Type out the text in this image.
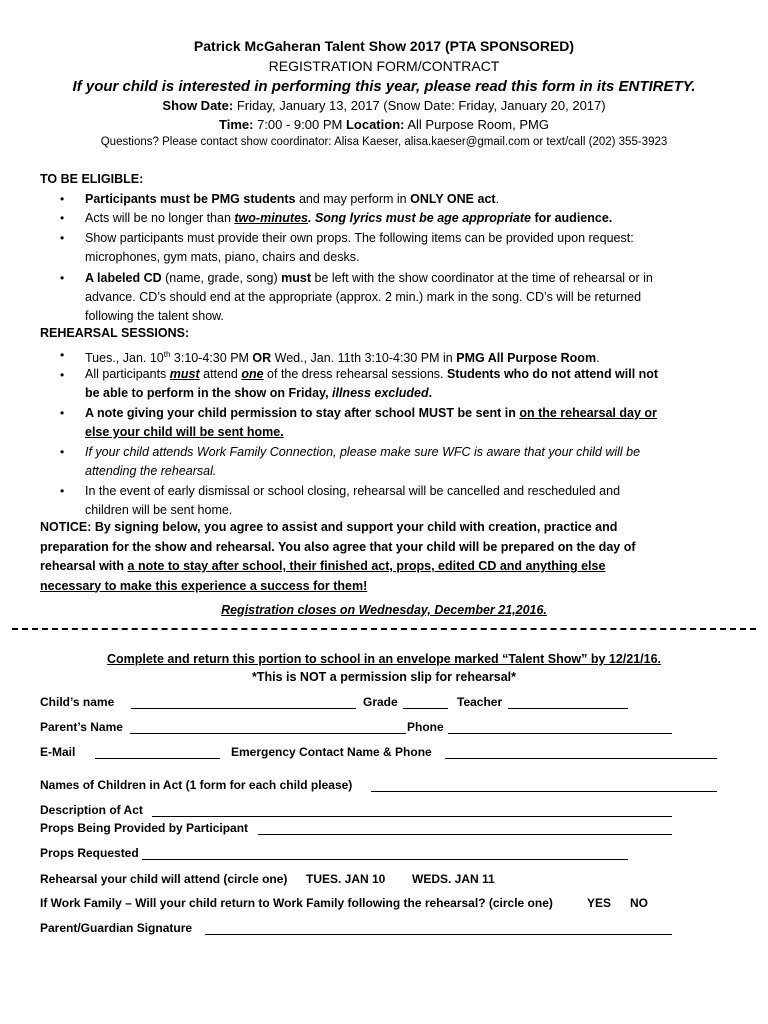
Patrick McGaheran Talent Show 2017 (PTA SPONSORED)
REGISTRATION FORM/CONTRACT
If your child is interested in performing this year, please read this form in its ENTIRETY.
Show Date: Friday, January 13, 2017 (Snow Date: Friday, January 20, 2017)
Time: 7:00 - 9:00 PM Location: All Purpose Room, PMG
Questions? Please contact show coordinator: Alisa Kaeser, alisa.kaeser@gmail.com or text/call (202) 355-3923
TO BE ELIGIBLE:
• Participants must be PMG students and may perform in ONLY ONE act.
• Acts will be no longer than two-minutes. Song lyrics must be age appropriate for audience.
• Show participants must provide their own props. The following items can be provided upon request:
microphones, gym mats, piano, chairs and desks.
• A labeled CD (name, grade, song) must be left with the show coordinator at the time of rehearsal or in
advance. CD’s should end at the appropriate (approx. 2 min.) mark in the song. CD’s will be returned
following the talent show.
REHEARSAL SESSIONS:
• Tues., Jan. 10th 3:10-4:30 PM OR Wed., Jan. 11th 3:10-4:30 PM in PMG All Purpose Room.
• All participants must attend one of the dress rehearsal sessions. Students who do not attend will not
be able to perform in the show on Friday, illness excluded.
• A note giving your child permission to stay after school MUST be sent in on the rehearsal day or
else your child will be sent home.
• If your child attends Work Family Connection, please make sure WFC is aware that your child will be
attending the rehearsal.
• In the event of early dismissal or school closing, rehearsal will be cancelled and rescheduled and
children will be sent home.
NOTICE: By signing below, you agree to assist and support your child with creation, practice and
preparation for the show and rehearsal. You also agree that your child will be prepared on the day of
rehearsal with a note to stay after school, their finished act, props, edited CD and anything else
necessary to make this experience a success for them!
Registration closes on Wednesday, December 21,2016.
Complete and return this portion to school in an envelope marked “Talent Show” by 12/21/16.
*This is NOT a permission slip for rehearsal*
Child’s name	Grade	Teacher
Parent’s Name	Phone
E-Mail	Emergency Contact Name & Phone
Names of Children in Act (1 form for each child please)
Description of Act
Props Being Provided by Participant
Props Requested
Rehearsal your child will attend (circle one) TUES. JAN 10 WEDS. JAN 11
If Work Family – Will your child return to Work Family following the rehearsal? (circle one)	YES NO
Parent/Guardian Signature
